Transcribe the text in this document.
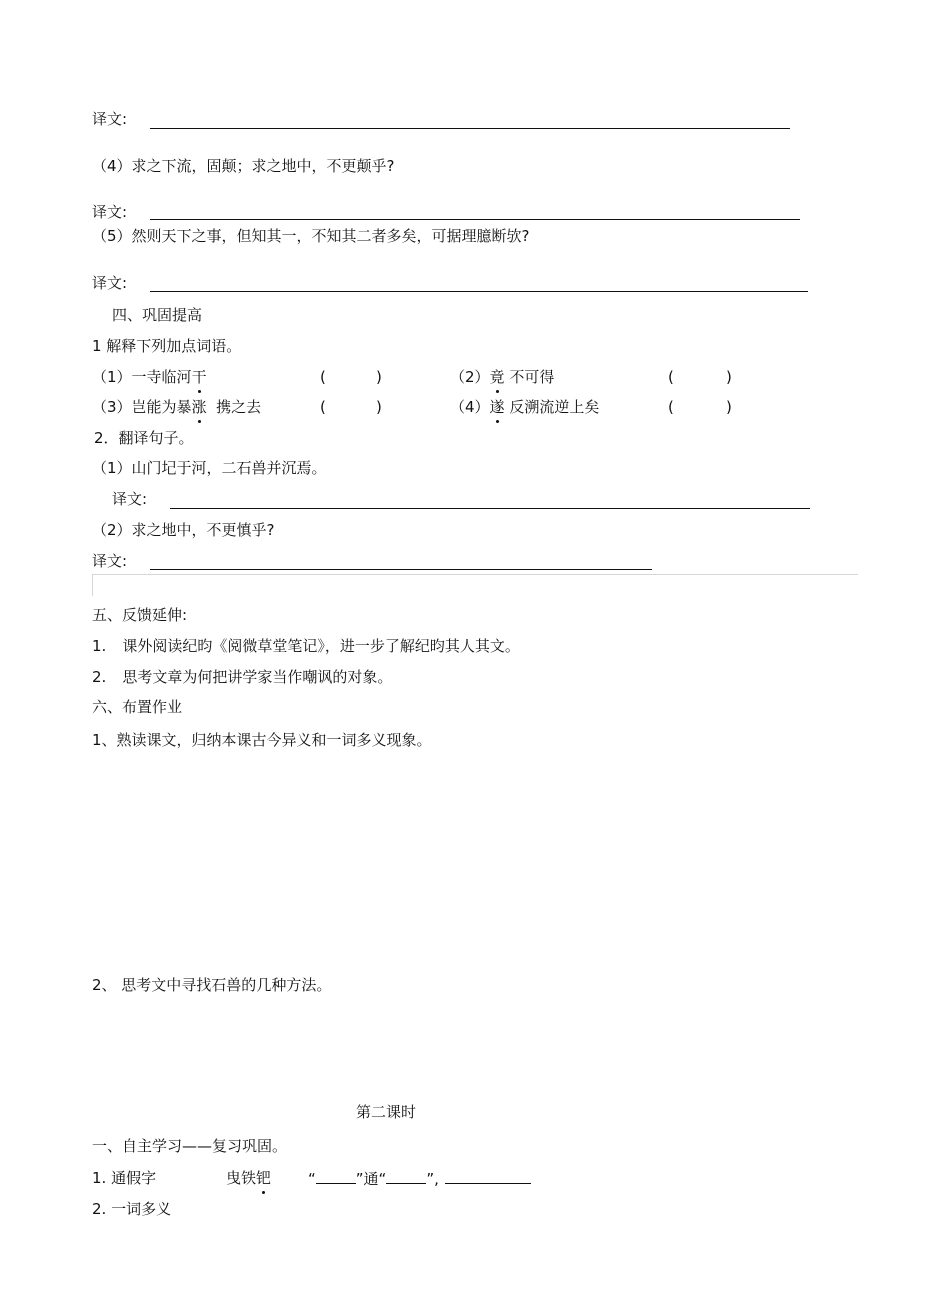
译文:
（4）求之下流，固颠；求之地中，不更颠乎?
译文:
（5）然则天下之事，但知其一，不知其二者多矣，可据理臆断欤?
译文:
四、巩固提高
1 解释下列加点词语。
（1）一寺临河干	(	)	（2）竟 不可得	(	)
（3）岂能为暴涨  携之去	(	)	（4）遂 反溯流逆上矣	(	)
2．翻译句子。
（1）山门圮于河，二石兽并沉焉。
译文:
（2）求之地中，不更慎乎?
译文:
五、反馈延伸:
1. 课外阅读纪昀《阅微草堂笔记》，进一步了解纪昀其人其文。
2. 思考文章为何把讲学家当作嘲讽的对象。
六、布置作业
1、熟读课文，归纳本课古今异义和一词多义现象。
2、 思考文中寻找石兽的几种方法。
第二课时
一、自主学习——复习巩固。
1. 通假字	曳铁钯 “	”通“	”,
2. 一词多义
